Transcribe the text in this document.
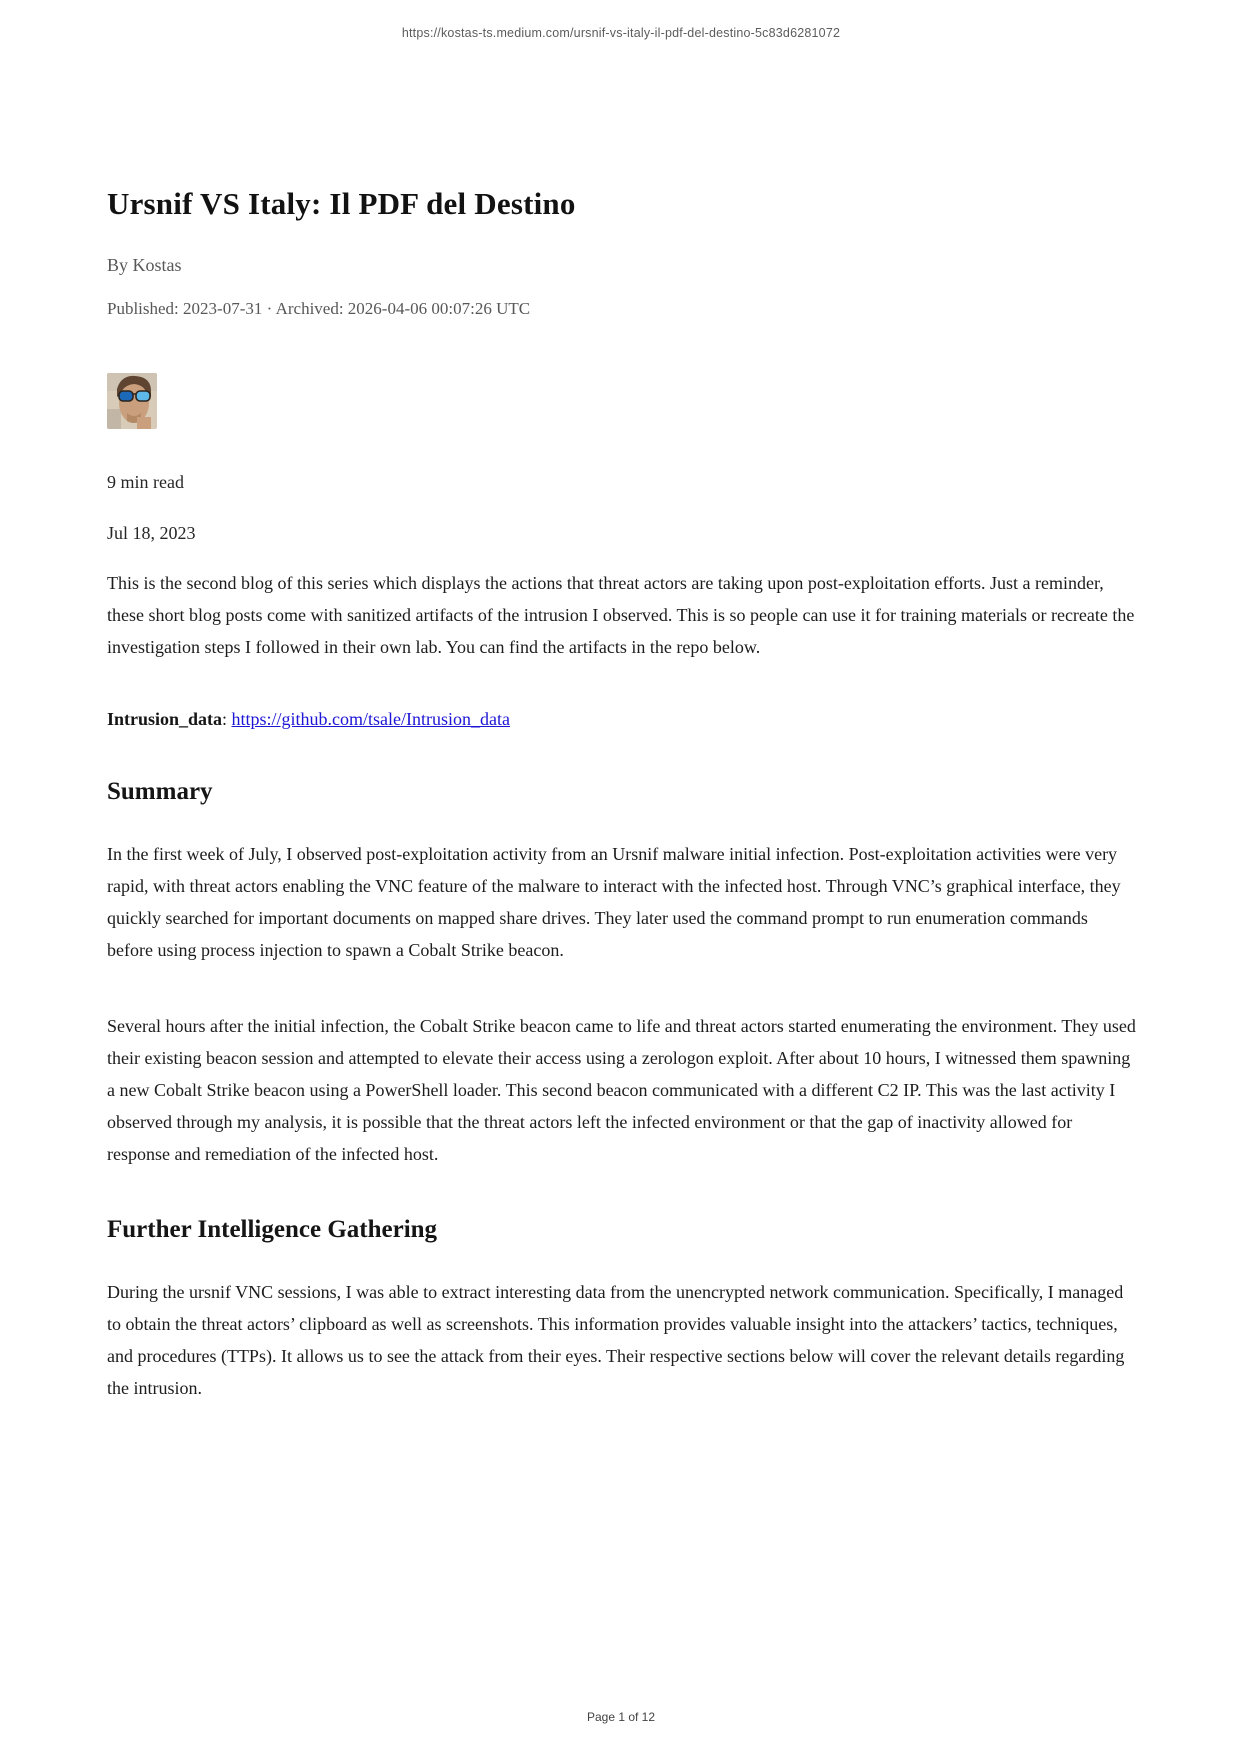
https://kostas-ts.medium.com/ursnif-vs-italy-il-pdf-del-destino-5c83d6281072
Ursnif VS Italy: Il PDF del Destino
By Kostas
Published: 2023-07-31 · Archived: 2026-04-06 00:07:26 UTC
9 min read
Jul 18, 2023

This is the second blog of this series which displays the actions that threat actors are taking upon post-exploitation efforts. Just a reminder, these short blog posts come with sanitized artifacts of the intrusion I observed. This is so people can use it for training materials or recreate the investigation steps I followed in their own lab. You can find the artifacts in the repo below.

Intrusion_data: https://github.com/tsale/Intrusion_data
Summary

In the first week of July, I observed post-exploitation activity from an Ursnif malware initial infection. Post-exploitation activities were very rapid, with threat actors enabling the VNC feature of the malware to interact with the infected host. Through VNC’s graphical interface, they quickly searched for important documents on mapped share drives. They later used the command prompt to run enumeration commands before using process injection to spawn a Cobalt Strike beacon.

Several hours after the initial infection, the Cobalt Strike beacon came to life and threat actors started enumerating the environment. They used their existing beacon session and attempted to elevate their access using a zerologon exploit. After about 10 hours, I witnessed them spawning a new Cobalt Strike beacon using a PowerShell loader. This second beacon communicated with a different C2 IP. This was the last activity I observed through my analysis, it is possible that the threat actors left the infected environment or that the gap of inactivity allowed for response and remediation of the infected host.

Further Intelligence Gathering

During the ursnif VNC sessions, I was able to extract interesting data from the unencrypted network communication. Specifically, I managed to obtain the threat actors’ clipboard as well as screenshots. This information provides valuable insight into the attackers’ tactics, techniques, and procedures (TTPs). It allows us to see the attack from their eyes. Their respective sections below will cover the relevant details regarding the intrusion.

Page 1 of 12
